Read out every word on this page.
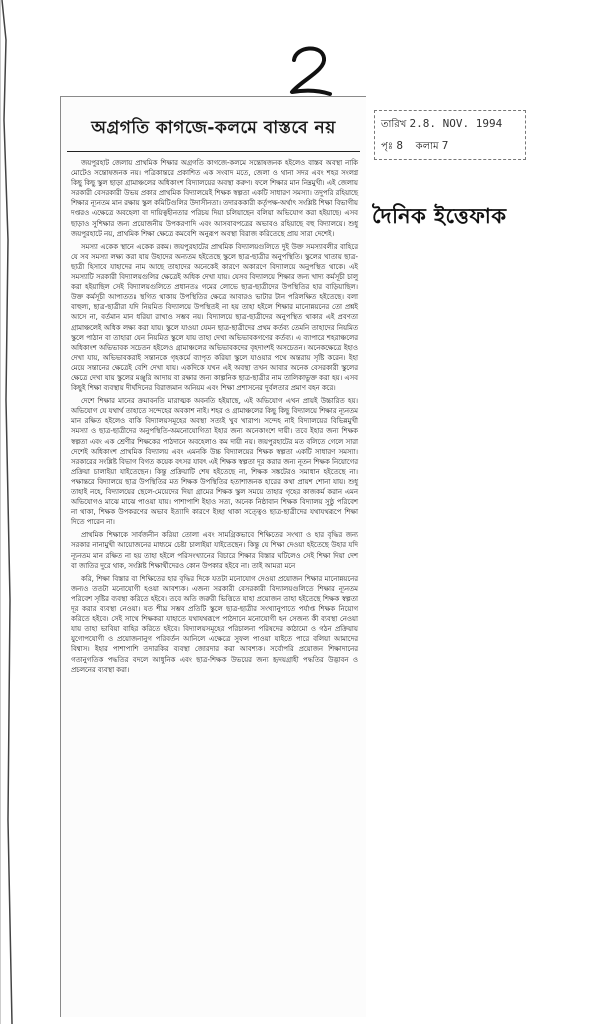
অগ্রগতি কাগজে-কলমে বাস্তবে নয়

জয়পুরহাট জেলায় প্রাথমিক শিক্ষার অগ্রগতি কাগজে-কলমে সন্তোষজনক হইলেও বাস্তব অবস্থা নাকি মোটেও সন্তোষজনক নয়। পত্রিকান্তরে প্রকাশিত এক সংবাদ মতে, জেলা ও থানা সদর এবং শহর সংলগ্ন কিছু কিছু স্কুল ছাড়া গ্রামাঞ্চলের অধিকাংশ বিদ্যালয়ের অবস্থা করুণ। ফলে শিক্ষার মান নিম্নমুখী। এই জেলায় সরকারী বেসরকারী উভয় প্রকার প্রাথমিক বিদ্যালয়েই শিক্ষক স্বল্পতা একটি সাধারণ সমস্যা। তদুপরি রহিয়াছে শিক্ষার ন্যূনতম মান রক্ষায় স্কুল কমিটিগুলির উদাসীনতা। তদারককারী কর্তৃপক্ষ-অর্থাৎ সংশ্লিষ্ট শিক্ষা বিভাগীয় দপ্তরও এক্ষেত্রে অবহেলা বা দায়িত্বহীনতার পরিচয় দিয়া চলিয়াছেন বলিয়া অভিযোগ করা হইয়াছে। এসব ছাড়াও সুশিক্ষার জন্য প্রয়োজনীয় উপকরণাদি এবং আসবাবপত্রের অভাবও রহিয়াছে বহু বিদ্যালয়ে। শুধু জয়পুরহাটে নয়, প্রাথমিক শিক্ষা ক্ষেত্রে কমবেশি অনুরূপ অবস্থা বিরাজ করিতেছে প্রায় সারা দেশেই।

সমস্যা একেক স্থানে একেক রকম। জয়পুরহাটের প্রাথমিক বিদ্যালয়গুলিতে দুই উক্ত সমস্যাবলীর বাহিরে যে সব সমস্যা লক্ষ্য করা যায় উহাদের অন্যতম হইতেছে স্কুলে ছাত্র-ছাত্রীর অনুপস্থিতি। স্কুলের খাতায় ছাত্র-ছাত্রী হিসাবে যাহাদের নাম আছে তাহাদের অনেকেই কারণে অকারণে বিদ্যালয়ে অনুপস্থিত থাকে। এই সমস্যাটি সরকারী বিদ্যালয়গুলির ক্ষেত্রেই অধিক দেখা যায়। যেসব বিদ্যালয়ে শিক্ষার জন্য খাদ্য কর্মসূচী চালু করা হইয়াছিল সেই বিদ্যালয়গুলিতে প্রধানতঃ গমের লোভে ছাত্র-ছাত্রীদের উপস্থিতির হার বাড়িয়াছিল। উক্ত কর্মসূচী আপাততঃ স্থগিত থাকায় উপস্থিতির ক্ষেত্রে আবারও ভাটার টান পরিলক্ষিত হইতেছে। বলা বাহুল্য, ছাত্র-ছাত্রীরা যদি নিয়মিত বিদ্যালয়ে উপস্থিতই না হয় তাহা হইলে শিক্ষার মানোন্নয়নের তো প্রশ্নই আসে না, বর্তমান মান ধরিয়া রাখাও সম্ভব নয়। বিদ্যালয়ে ছাত্র-ছাত্রীদের অনুপস্থিত থাকার এই প্রবণতা গ্রামাঞ্চলেই অধিক লক্ষ্য করা যায়। স্কুলে যাওয়া যেমন ছাত্র-ছাত্রীদের প্রথম কর্তব্য তেমনি তাহাদের নিয়মিত স্কুলে পাঠান বা তাহারা যেন নিয়মিত স্কুলে যায় তাহা দেখা অভিভাবকগণের কর্তব্য। এ ব্যাপারে শহরাঞ্চলের অধিকাংশ অভিভাবক সচেতন হইলেও গ্রামাঞ্চলের অভিভাবকদের বৃহদাংশই অসচেতন। অনেকক্ষেত্রে ইহাও দেখা যায়, অভিভাবকরাই সন্তানকে গৃহকর্মে ব্যাপৃত করিয়া স্কুলে যাওয়ার পথে অন্তরায় সৃষ্টি করেন। ইহা মেয়ে সন্তানের ক্ষেত্রেই বেশি দেখা যায়। একদিকে যখন এই অবস্থা তখন আবার অনেক বেসরকারী স্কুলের ক্ষেত্রে দেখা যায় স্কুলের মঞ্জুরি আদায় বা রক্ষার জন্য কাল্পনিক ছাত্র-ছাত্রীর নাম তালিকাভুক্ত করা হয়। এসব কিছুই শিক্ষা ব্যবস্থায় দীর্ঘদিনের বিরাজমান অনিয়ম এবং শিক্ষা প্রশাসনের দুর্বলতার প্রমাণ বহন করে।

দেশে শিক্ষার মানের ক্রমাবনতি মারাত্মক অবনতি হইয়াছে, এই অভিযোগ এখন প্রায়ই উচ্চারিত হয়। অভিযোগ যে যথার্থ তাহাতে সন্দেহের অবকাশ নাই। শহর ও গ্রামাঞ্চলের কিছু কিছু বিদ্যালয়ে শিক্ষার ন্যূনতম মান রক্ষিত হইলেও বাকি বিদ্যালয়সমূহের অবস্থা সত্যই খুব খারাপ। সন্দেহ নাই বিদ্যালয়ের বিভিন্নমুখী সমস্যা ও ছাত্র-ছাত্রীদের অনুপস্থিতি-অমনোযোগিতা ইহার জন্য অনেকাংশে দায়ী। তবে ইহার জন্য শিক্ষক স্বল্পতা এবং এক শ্রেণীর শিক্ষকের পাঠদানে অবহেলাও কম দায়ী নয়। জয়পুরহাটের মত বলিতে গেলে সারা দেশেই অধিকাংশ প্রাথমিক বিদ্যালয় এবং এমনকি উচ্চ বিদ্যালয়ের শিক্ষক স্বল্পতা একটি সাধারণ সমস্যা। সরকারের সংশ্লিষ্ট বিভাগ বিগত কয়েক বৎসর যাবৎ এই শিক্ষক স্বল্পতা দূর করার জন্য নূতন শিক্ষক নিয়োগের প্রক্রিয়া চালাইয়া যাইতেছেন। কিন্তু প্রক্রিয়াটি শেষ হইতেছে না, শিক্ষক সঙ্কটেরও সমাধান হইতেছে না। পক্ষান্তরে বিদ্যালয়ে ছাত্র উপস্থিতির মত শিক্ষক উপস্থিতির হতাশাজনক হারের কথা প্রায়শ শোনা যায়। শুধু তাহাই নহে, বিদ্যালয়ের ছেলে-মেয়েদের দিয়া গ্রামের শিক্ষক স্কুল সময়ে তাহার গৃহের কাজকর্ম করান এমন অভিযোগও মাঝে মাঝে পাওয়া যায়। পাশাপাশি ইহাও সত্য, অনেক নিষ্ঠাবান শিক্ষক বিদ্যালয় সুষ্ঠু পরিবেশ না থাকা, শিক্ষক উপকরণের অভাব ইত্যাদি কারণে ইচ্ছা থাকা সত্ত্বেও ছাত্র-ছাত্রীদের যথাযথরূপে শিক্ষা দিতে পারেন না।

প্রাথমিক শিক্ষাকে সার্বজনীন করিয়া তোলা এবং সামগ্রিকভাবে শিক্ষিতের সংখ্যা ও হার বৃদ্ধির জন্য সরকার নানামুখী আয়োজনের মাধ্যমে চেষ্টা চালাইয়া যাইতেছেন। কিন্তু যে শিক্ষা দেওয়া হইতেছে উহার যদি ন্যূনতম মান রক্ষিত না হয় তাহা হইলে পরিসংখ্যানের বিচারে শিক্ষার বিস্তার ঘটিলেও সেই শিক্ষা দিয়া দেশ বা জাতির দুরে থাক, সংশ্লিষ্ট শিক্ষার্থীদেরও কোন উপকার হইবে না। তাই আমরা মনে

করি, শিক্ষা বিস্তার বা শিক্ষিতের হার বৃদ্ধির দিকে যতটা মনোযোগ দেওয়া প্রয়োজন শিক্ষার মানোন্নয়নের জন্যও ততটা মনোযোগী হওয়া আবশ্যক। এজন্য সরকারী বেসরকারী বিদ্যালয়গুলিতে শিক্ষার ন্যূনতম পরিবেশ সৃষ্টির ব্যবস্থা করিতে হইবে। তবে অতি জরুরী ভিত্তিতে যাহা প্রয়োজন তাহা হইতেছে শিক্ষক স্বল্পতা দূর করার ব্যবস্থা নেওয়া। যত শীঘ্র সম্ভব প্রতিটি স্কুলে ছাত্র-ছাত্রীর সংখ্যানুপাতে পর্যাপ্ত শিক্ষক নিয়োগ করিতে হইবে। সেই সাথে শিক্ষকরা যাহাতে যথাযথরূপে পাঠদানে মনোযোগী হন সেজন্য কী ব্যবস্থা নেওয়া যায় তাহা ভাবিয়া বাহির করিতে হইবে। বিদ্যালয়সমূহের পরিচালনা পরিষদের কাঠামো ও গঠন প্রক্রিয়ায় যুগোপযোগী ও প্রয়োজনানুগ পরিবর্তন আনিলে এক্ষেত্রে সুফল পাওয়া যাইতে পারে বলিয়া আমাদের বিশ্বাস। ইহার পাশাপাশি তদারকির ব্যবস্থা জোরদার করা আবশ্যক। সর্বোপরি প্রয়োজন শিক্ষাদানের গতানুগতিক পদ্ধতির বদলে আধুনিক এবং ছাত্র-শিক্ষক উভয়ের জন্য হৃদয়গ্রাহী পদ্ধতির উদ্ভাবন ও প্রচলনের ব্যবস্থা করা।

তারিখ 2.8. NOV. 1994
পৃঃ 8 কলাম 7
দৈনিক ইত্তেফাক
